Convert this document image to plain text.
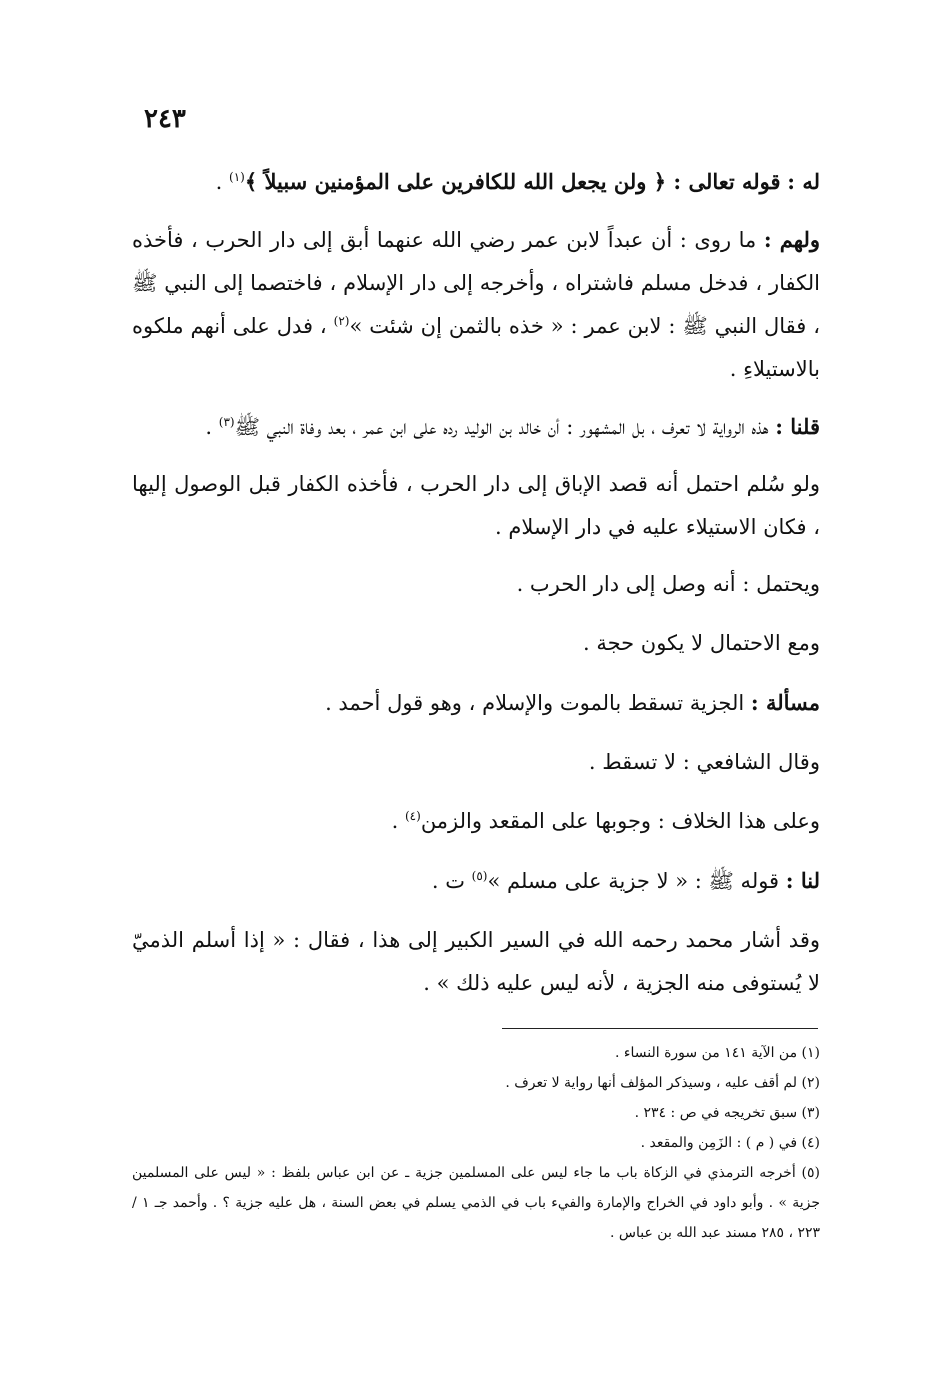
٢٤٣

له : قوله تعالى : ﴿ ولن يجعل الله للكافرين على المؤمنين سبيلاً ﴾$^{(١)}$ .

ولهم : ما روى : أن عبداً لابن عمر رضي الله عنهما أبق إلى دار الحرب ، فأخذه الكفار ، فدخل مسلم فاشتراه ، وأخرجه إلى دار الإسلام ، فاختصما إلى النبي ﷺ ، فقال النبي ﷺ : لابن عمر : « خذه بالثمن إن شئت »$^{(٢)}$ ، فدل على أنهم ملكوه بالاستيلاءِ .

قلنا : هذه الرواية لا تعرف ، بل المشهور : أن خالد بن الوليد رده على ابن عمر ، بعد وفاة النبي ﷺ$^{(٣)}$ .

ولو سُلم احتمل أنه قصد الإباق إلى دار الحرب ، فأخذه الكفار قبل الوصول إليها ، فكان الاستيلاء عليه في دار الإسلام .

ويحتمل : أنه وصل إلى دار الحرب .

ومع الاحتمال لا يكون حجة .

مسألة : الجزية تسقط بالموت والإسلام ، وهو قول أحمد .

وقال الشافعي : لا تسقط .

وعلى هذا الخلاف : وجوبها على المقعد والزمن$^{(٤)}$ .

لنا : قوله ﷺ : « لا جزية على مسلم »$^{(٥)}$ ت .

وقد أشار محمد رحمه الله في السير الكبير إلى هذا ، فقال : « إذا أسلم الذميّ لا يُستوفى منه الجزية ، لأنه ليس عليه ذلك » .

(١) من الآية ١٤١ من سورة النساء .

(٢) لم أقف عليه ، وسيذكر المؤلف أنها رواية لا تعرف .

(٣) سبق تخريجه في ص : ٢٣٤ .

(٤) في ( م ) : الزَمِن والمقعد .

(٥) أخرجه الترمذي في الزكاة باب ما جاء ليس على المسلمين جزية ـ عن ابن عباس بلفظ : « ليس على المسلمين جزية » . وأبو داود في الخراج والإمارة والفيء باب في الذمي يسلم في بعض السنة ، هل عليه جزية ؟ . وأحمد جـ ١ / ٢٢٣ ، ٢٨٥ مسند عبد الله بن عباس .
